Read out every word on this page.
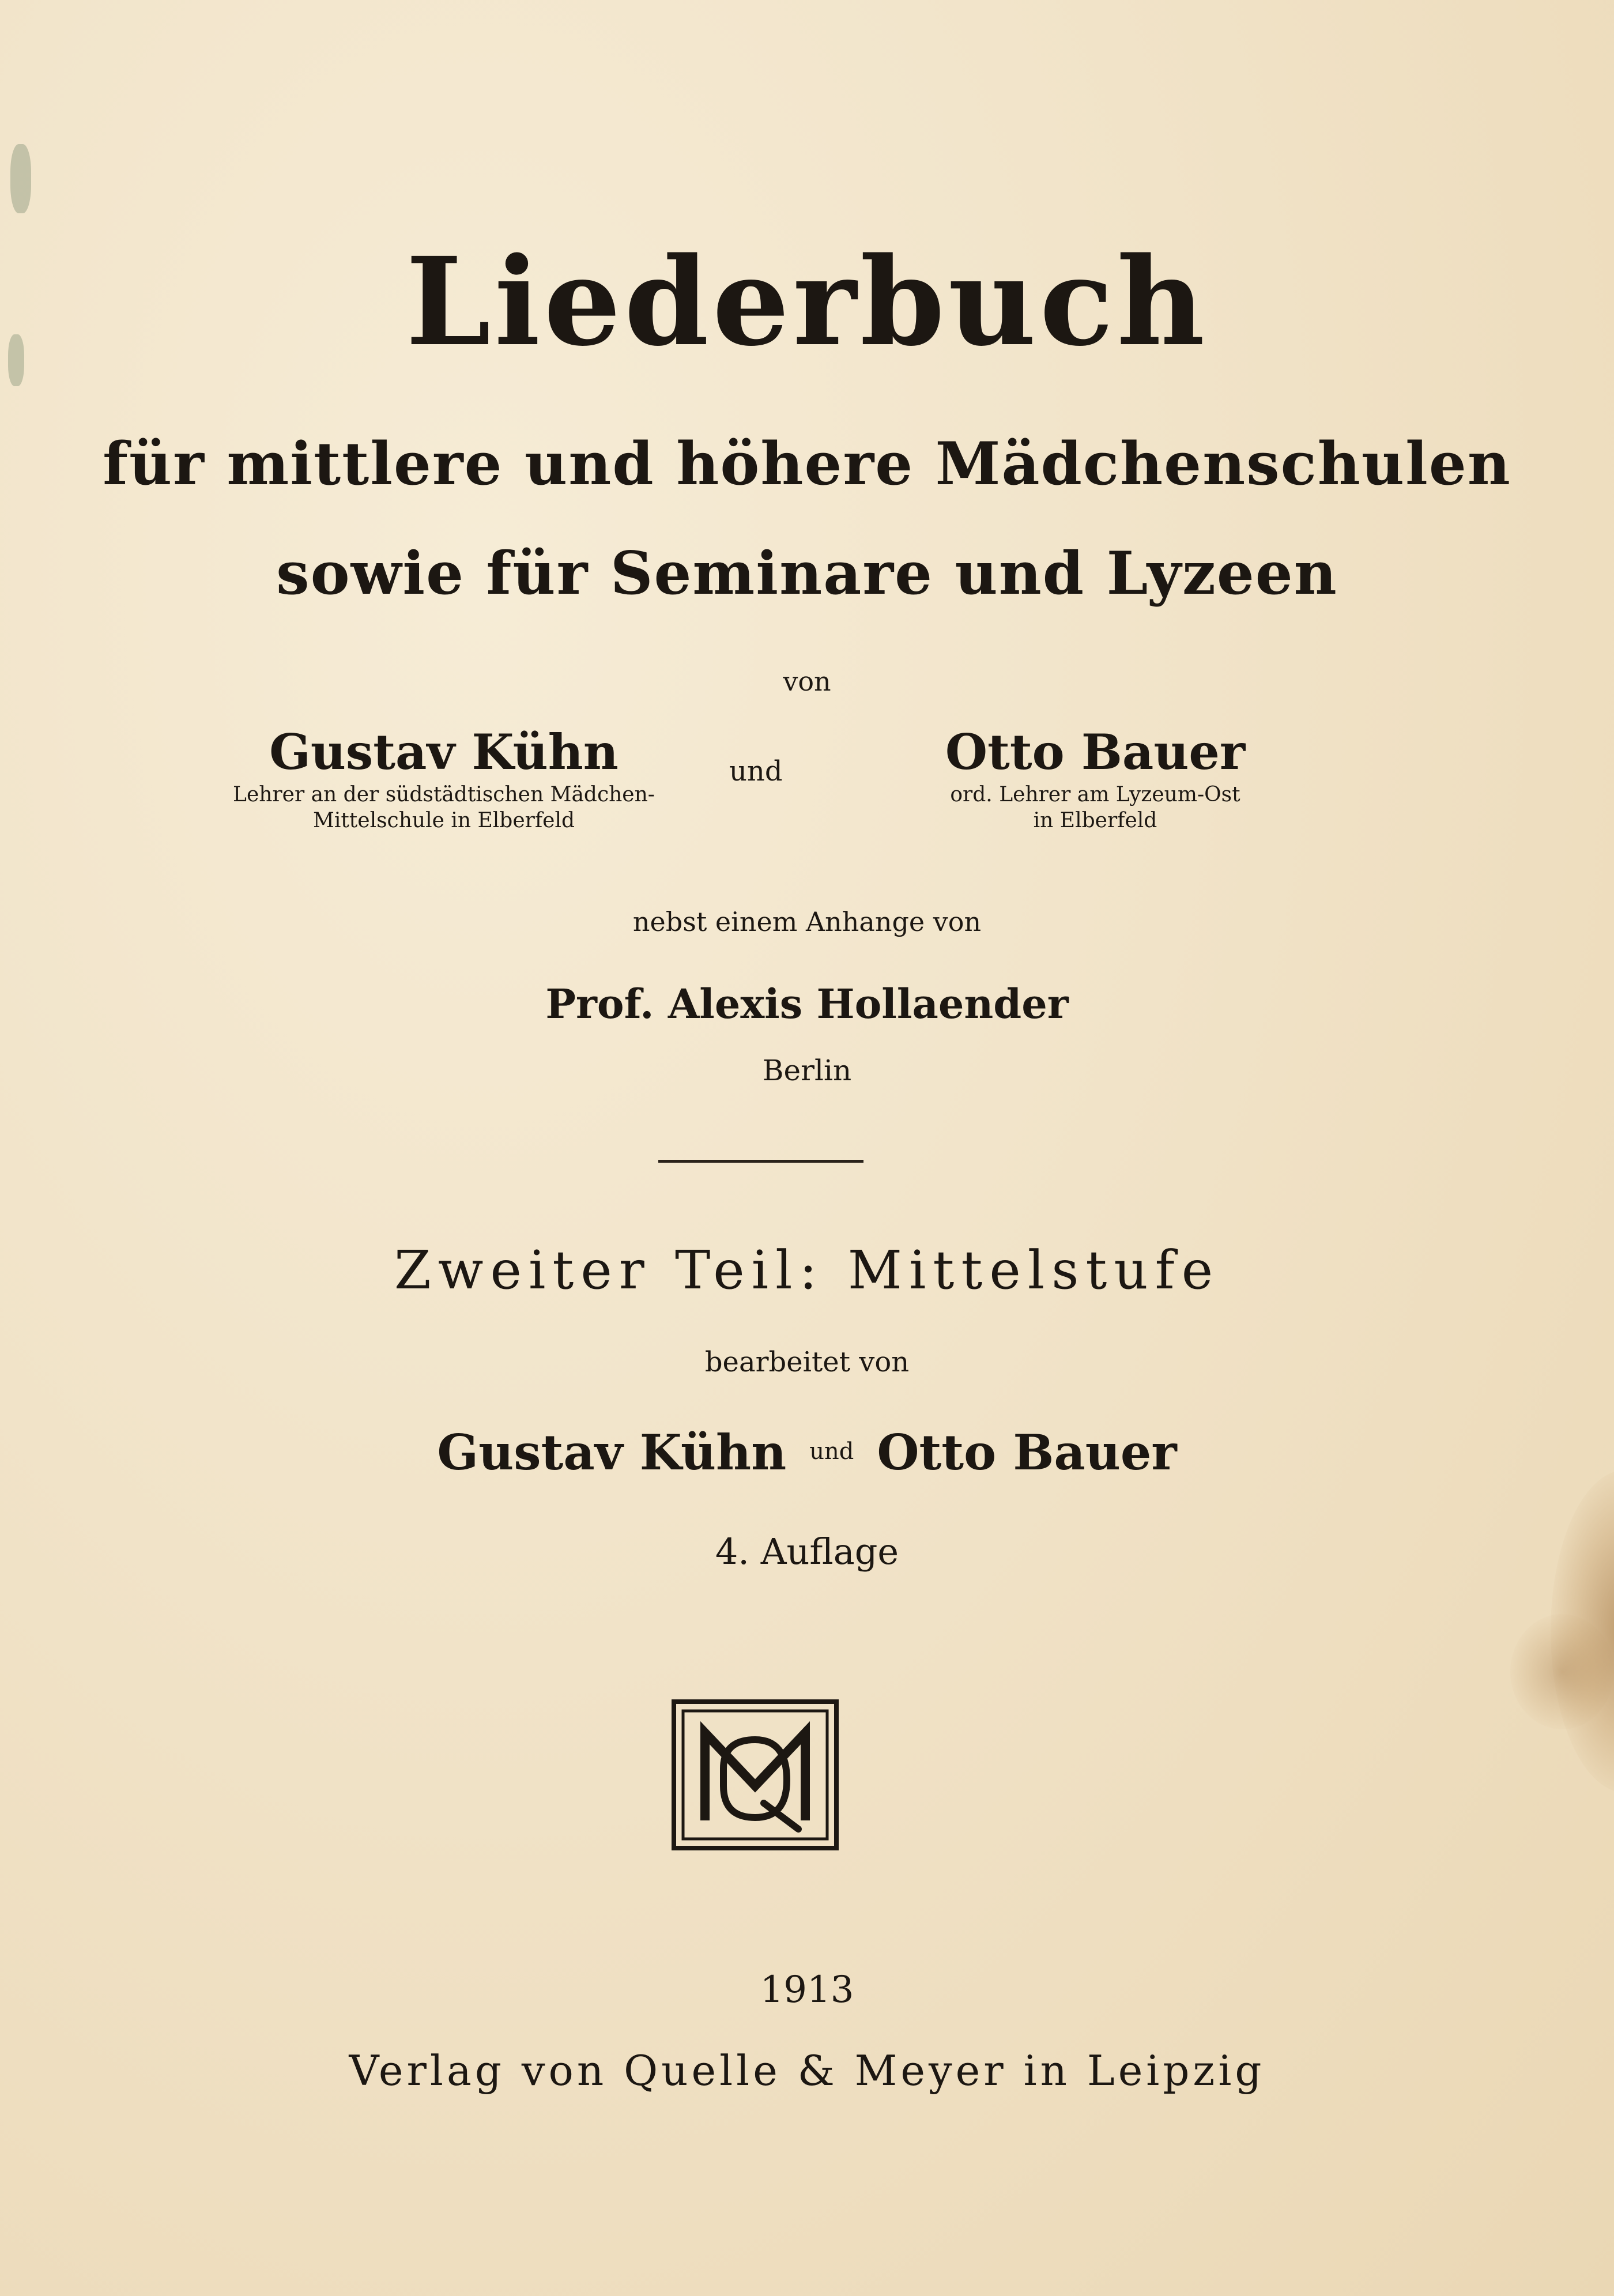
Liederbuch
für mittlere und höhere Mädchenschulen
sowie für Seminare und Lyzeen
von
Gustav Kühn
Lehrer an der südstädtischen Mädchen-
Mittelschule in Elberfeld
und	Otto Bauer
ord. Lehrer am Lyzeum-Ost
in Elberfeld
nebst einem Anhange von
Prof. Alexis Hollaender
Berlin
Zweiter Teil: Mittelstufe
bearbeitet von
Gustav Kühn $^{und}$ Otto Bauer
4. Auflage
1913
Verlag von Quelle & Meyer in Leipzig
